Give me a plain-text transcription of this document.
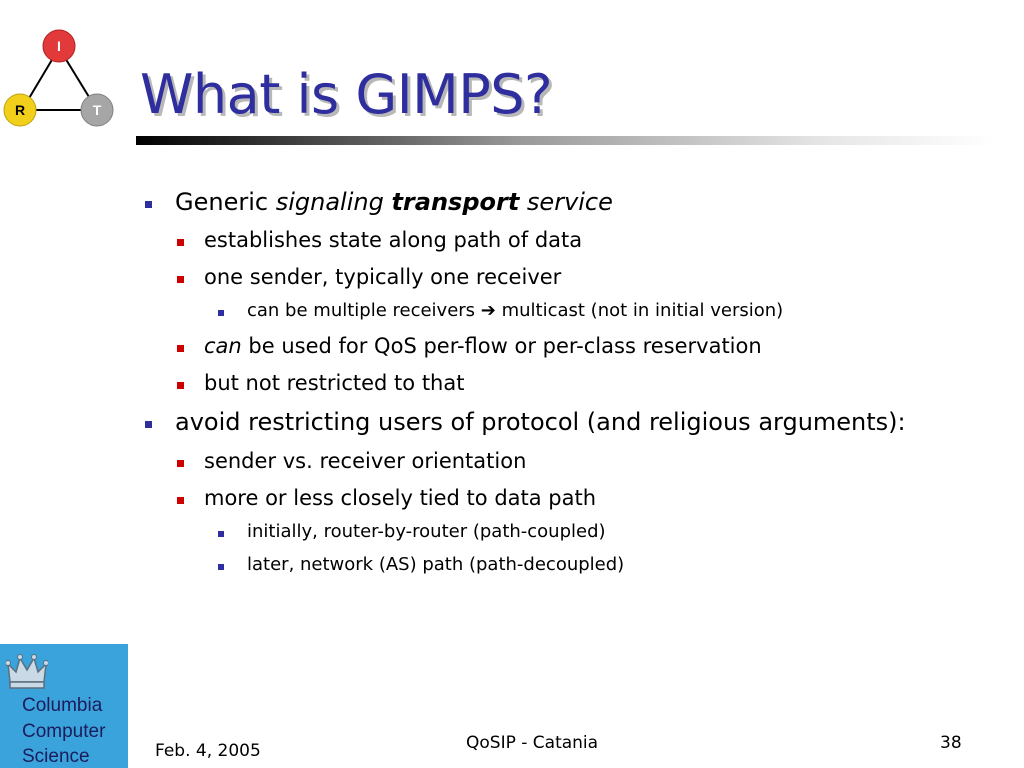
I
R	T What is GIMPS?
Generic signaling transport service
establishes state along path of data
one sender, typically one receiver
can be multiple receivers ➔ multicast (not in initial version)
can be used for QoS per-flow or per-class reservation
but not restricted to that
avoid restricting users of protocol (and religious arguments):
sender vs. receiver orientation
more or less closely tied to data path
initially, router-by-router (path-coupled)
later, network (AS) path (path-decoupled)
Columbia
Computer
Science	Feb. 4, 2005	QoSIP - Catania	38
